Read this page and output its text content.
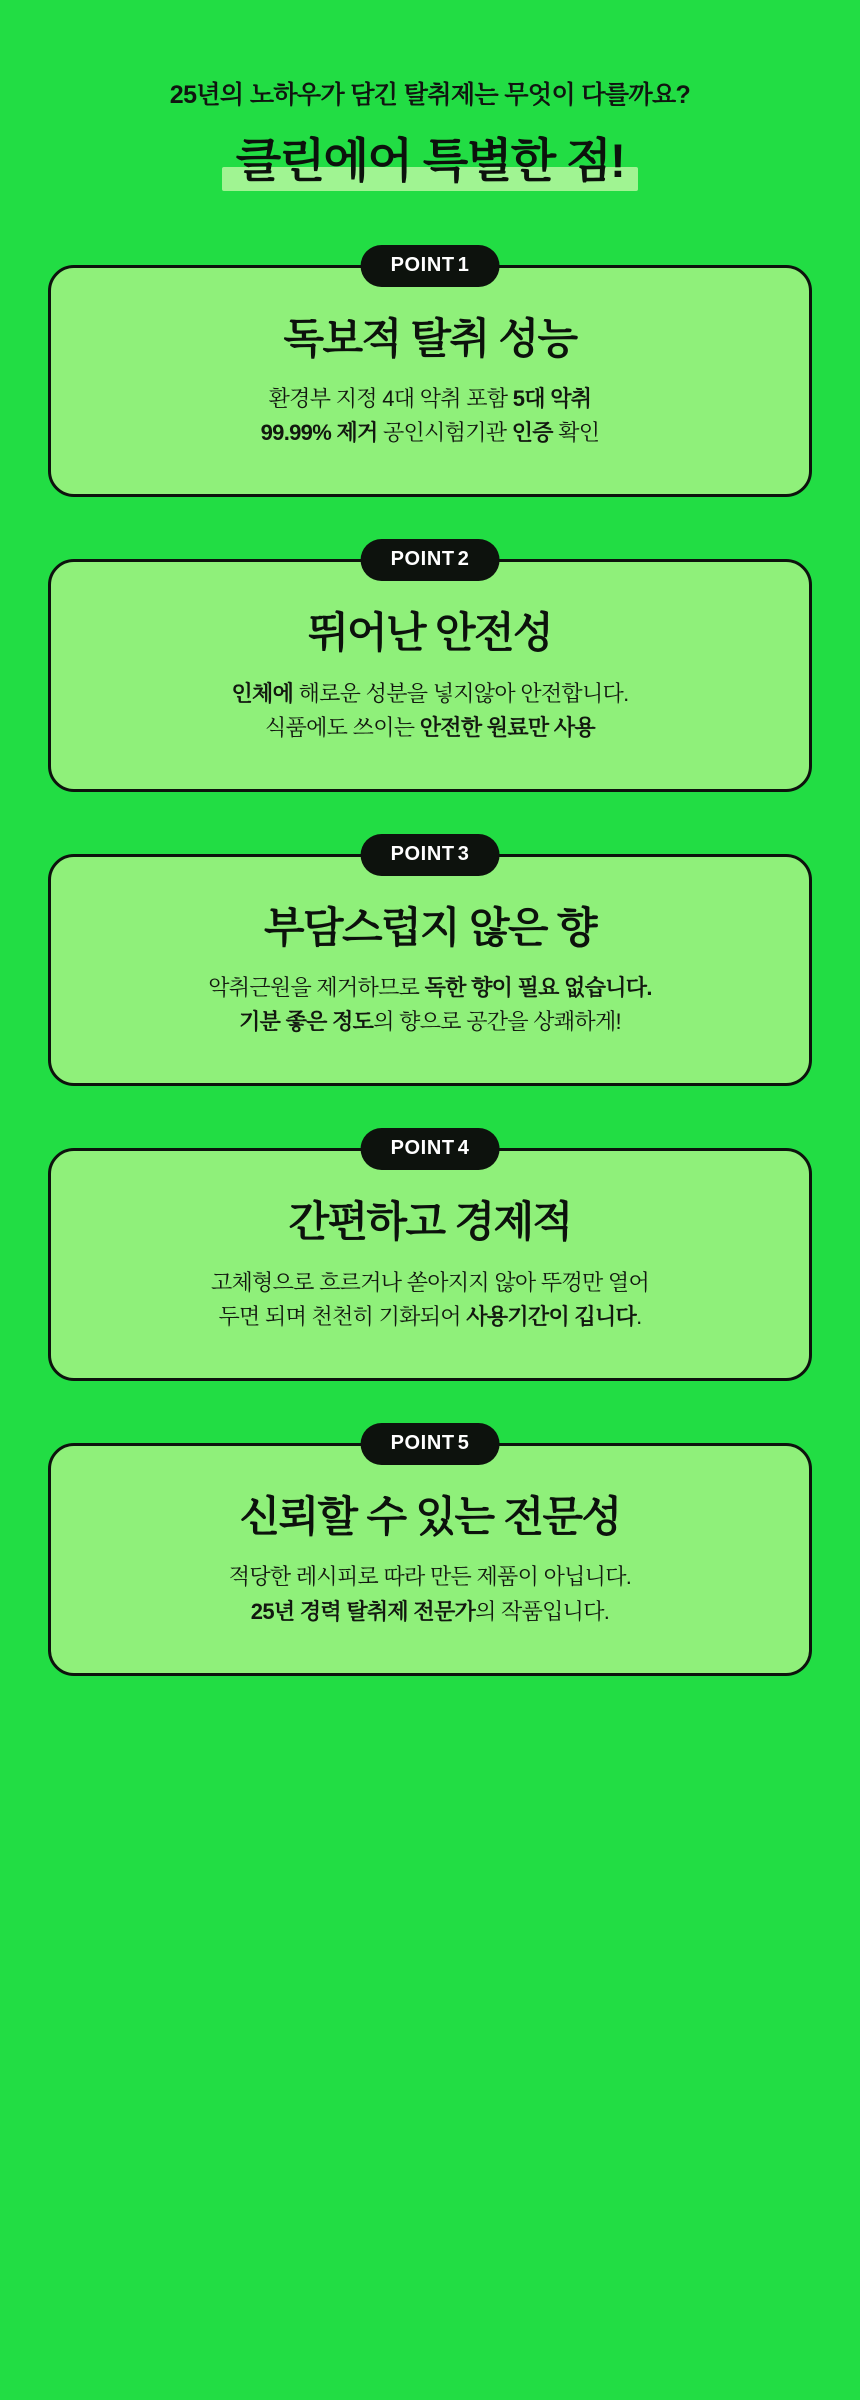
25년의 노하우가 담긴 탈취제는 무엇이 다를까요?
클린에어 특별한 점!
POINT 1
독보적 탈취 성능
환경부 지정 4대 악취 포함 5대 악취
99.99% 제거 공인시험기관 인증 확인
POINT 2
뛰어난 안전성
인체에 해로운 성분을 넣지않아 안전합니다.
식품에도 쓰이는 안전한 원료만 사용
POINT 3
부담스럽지 않은 향
악취근원을 제거하므로 독한 향이 필요 없습니다.
기분 좋은 정도의 향으로 공간을 상쾌하게!
POINT 4
간편하고 경제적
고체형으로 흐르거나 쏟아지지 않아 뚜껑만 열어
두면 되며 천천히 기화되어 사용기간이 깁니다.
POINT 5
신뢰할 수 있는 전문성
적당한 레시피로 따라 만든 제품이 아닙니다.
25년 경력 탈취제 전문가의 작품입니다.
